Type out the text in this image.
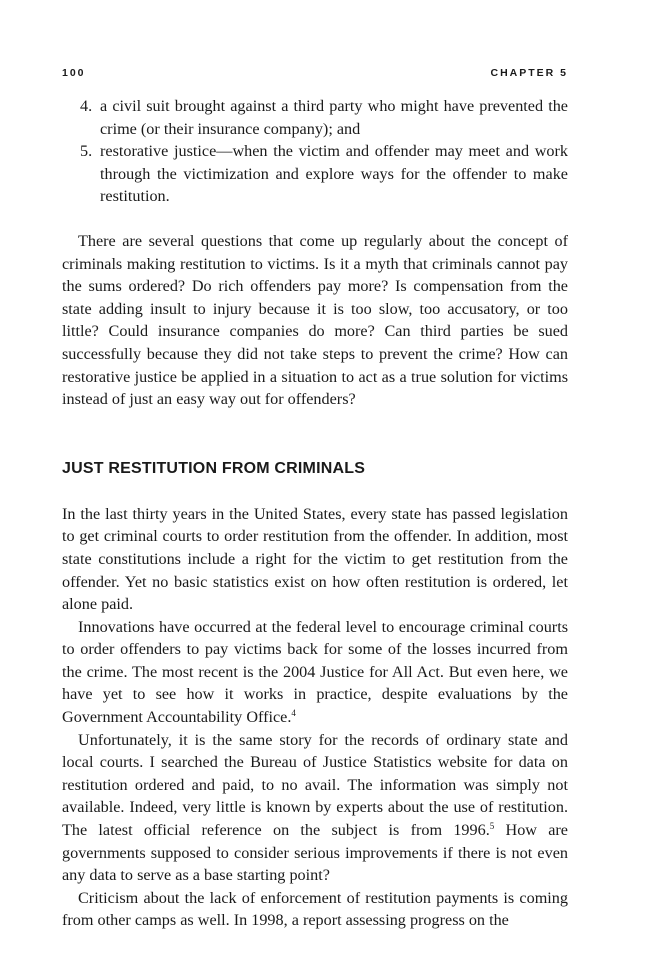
100	CHAPTER 5
4. a civil suit brought against a third party who might have prevented the crime (or their insurance company); and
5. restorative justice—when the victim and offender may meet and work through the victimization and explore ways for the offender to make restitution.

There are several questions that come up regularly about the concept of criminals making restitution to victims. Is it a myth that criminals cannot pay the sums ordered? Do rich offenders pay more? Is compensation from the state adding insult to injury because it is too slow, too accusatory, or too little? Could insurance companies do more? Can third parties be sued successfully because they did not take steps to prevent the crime? How can restorative justice be applied in a situation to act as a true solution for victims instead of just an easy way out for offenders?

JUST RESTITUTION FROM CRIMINALS

In the last thirty years in the United States, every state has passed legislation to get criminal courts to order restitution from the offender. In addition, most state constitutions include a right for the victim to get restitution from the offender. Yet no basic statistics exist on how often restitution is ordered, let alone paid.

Innovations have occurred at the federal level to encourage criminal courts to order offenders to pay victims back for some of the losses incurred from the crime. The most recent is the 2004 Justice for All Act. But even here, we have yet to see how it works in practice, despite evaluations by the Government Accountability Office.$^4$

Unfortunately, it is the same story for the records of ordinary state and local courts. I searched the Bureau of Justice Statistics website for data on restitution ordered and paid, to no avail. The information was simply not available. Indeed, very little is known by experts about the use of restitution. The latest official reference on the subject is from 1996.$^5$ How are governments supposed to consider serious improvements if there is not even any data to serve as a base starting point?

Criticism about the lack of enforcement of restitution payments is coming from other camps as well. In 1998, a report assessing progress on the
